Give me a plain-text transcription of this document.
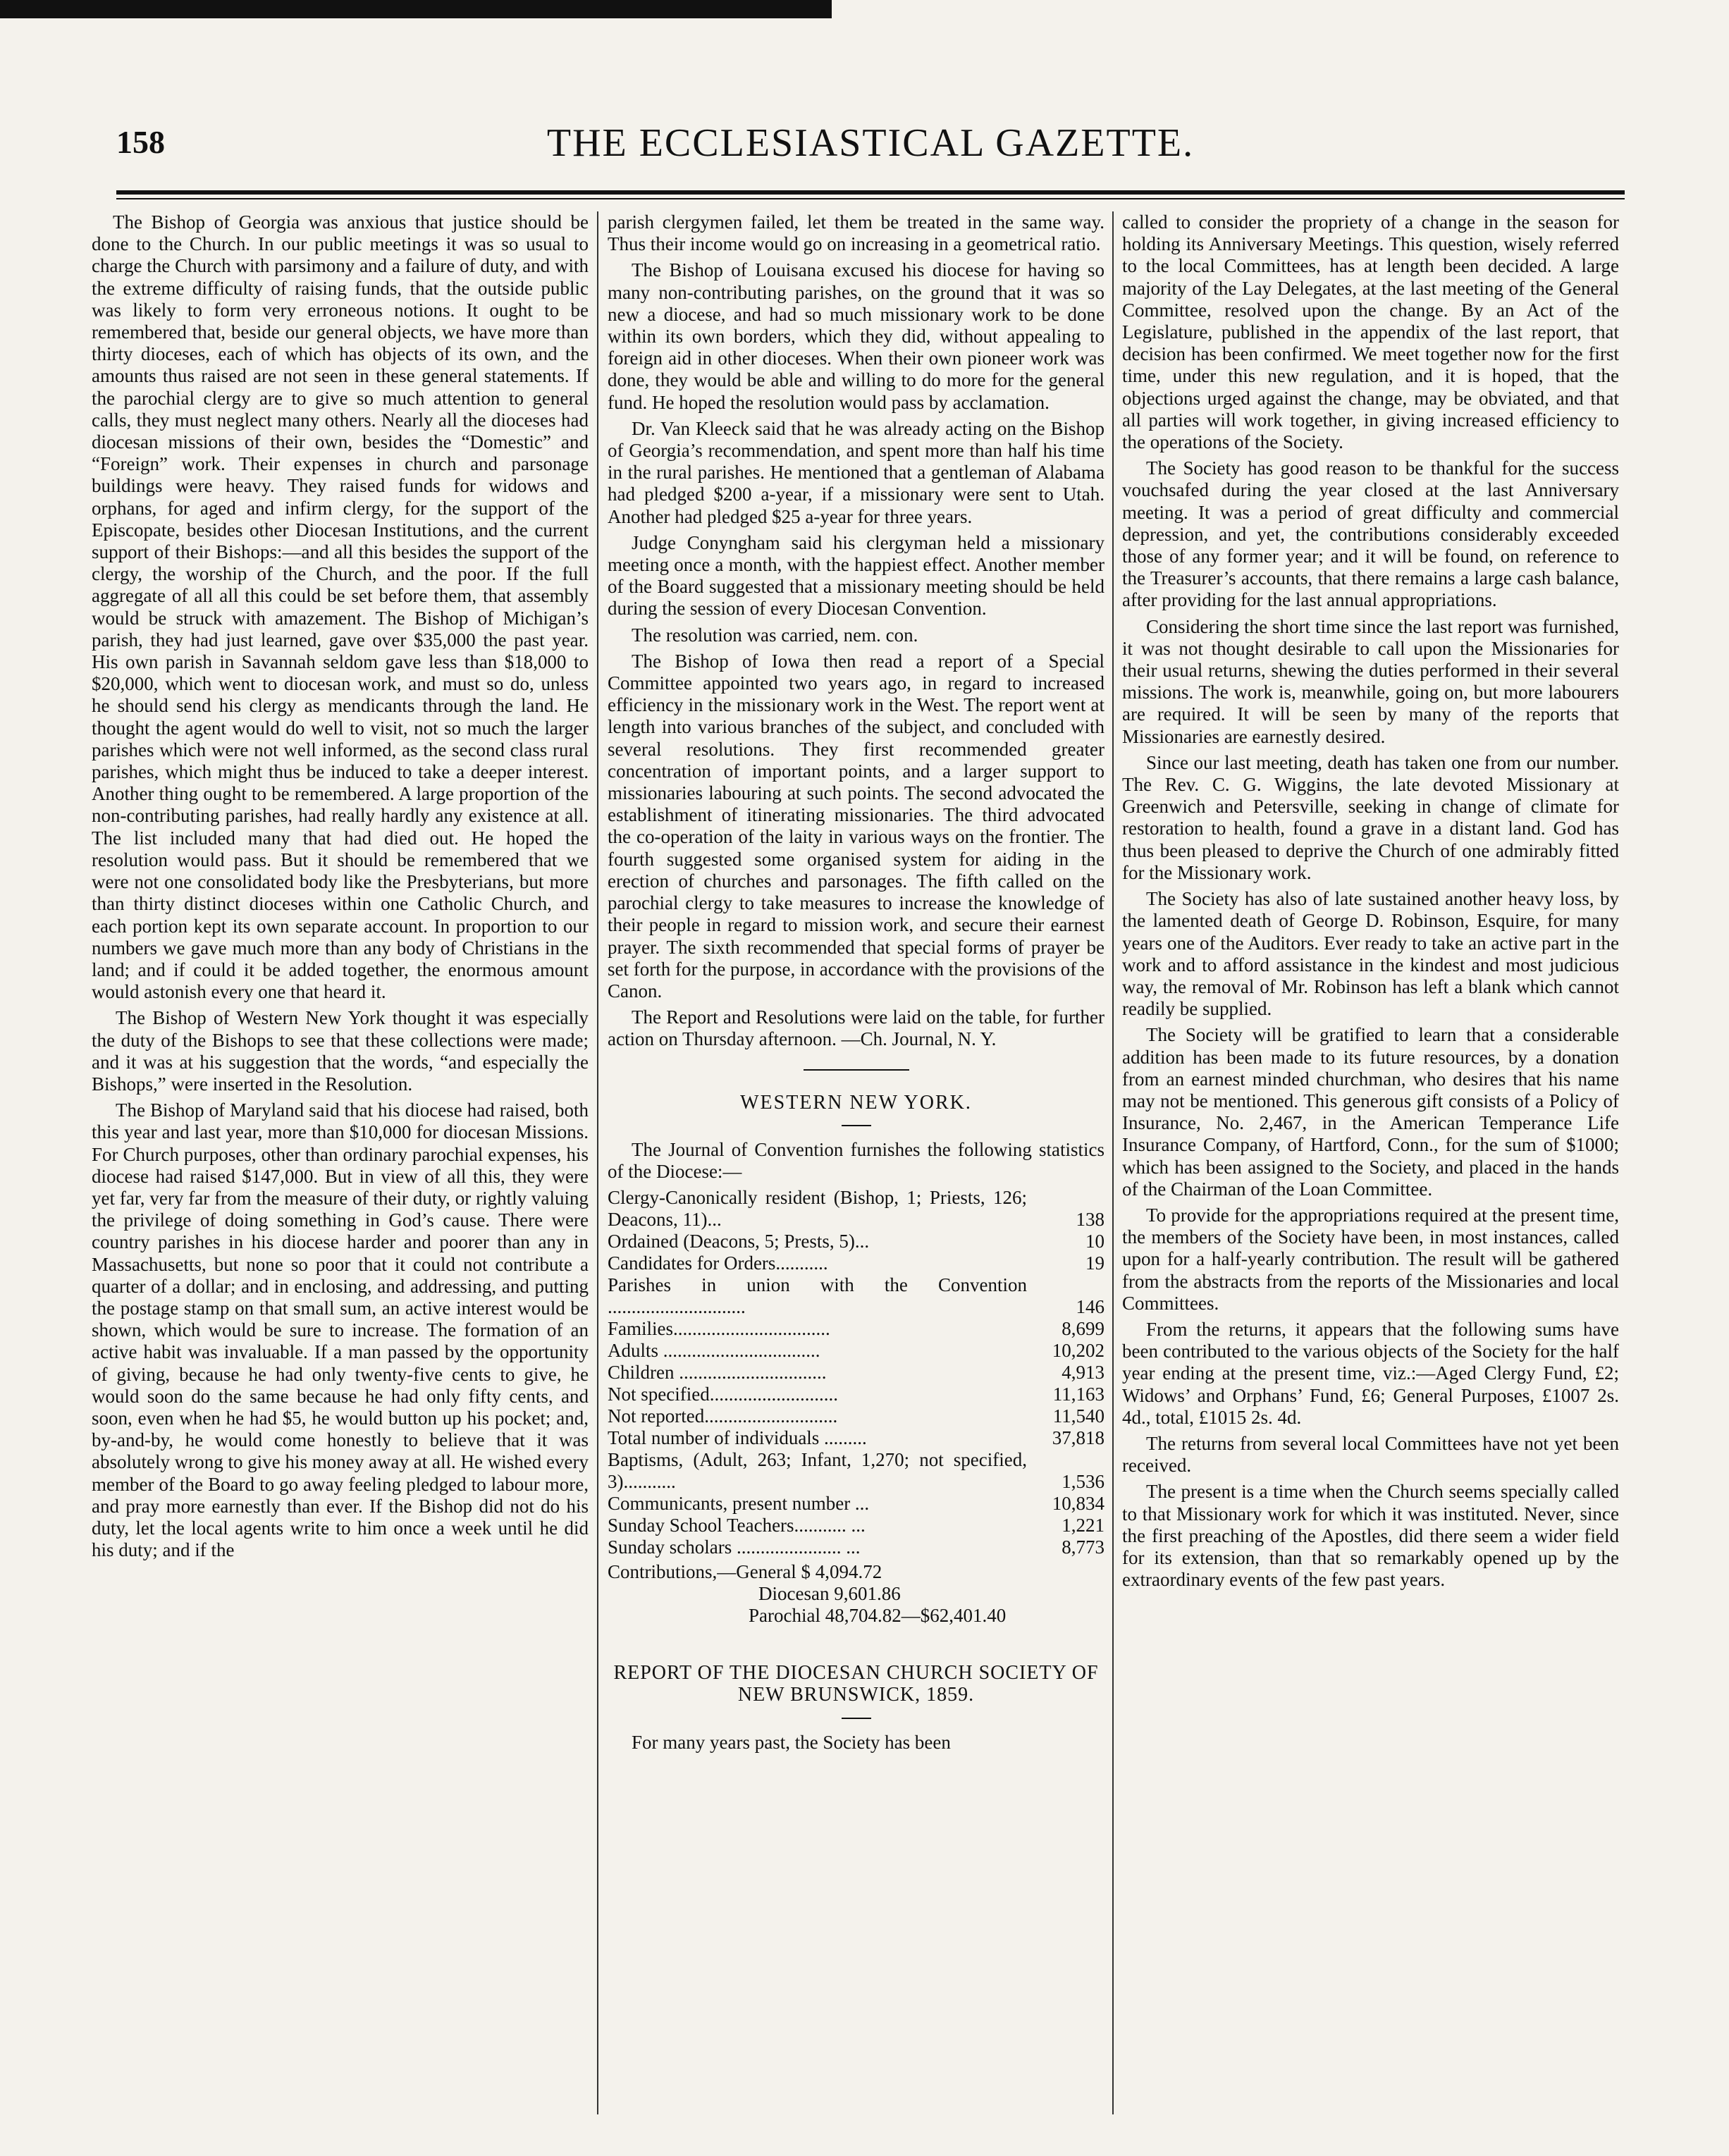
158	THE ECCLESIASTICAL GAZETTE.

The Bishop of Georgia was anxious that justice should be done to the Church. In our public meetings it was so usual to charge the Church with parsimony and a failure of duty, and with the extreme difficulty of raising funds, that the outside public was likely to form very erroneous notions. It ought to be remembered that, beside our general objects, we have more than thirty dioceses, each of which has objects of its own, and the amounts thus raised are not seen in these general statements. If the parochial clergy are to give so much attention to general calls, they must neglect many others. Nearly all the dioceses had diocesan missions of their own, besides the “Domestic” and “Foreign” work. Their expenses in church and parsonage buildings were heavy. They raised funds for widows and orphans, for aged and infirm clergy, for the support of the Episcopate, besides other Diocesan Institutions, and the current support of their Bishops:—and all this besides the support of the clergy, the worship of the Church, and the poor. If the full aggregate of all all this could be set before them, that assembly would be struck with amazement. The Bishop of Michigan’s parish, they had just learned, gave over $35,000 the past year. His own parish in Savannah seldom gave less than $18,000 to $20,000, which went to diocesan work, and must so do, unless he should send his clergy as mendicants through the land. He thought the agent would do well to visit, not so much the larger parishes which were not well informed, as the second class rural parishes, which might thus be induced to take a deeper interest. Another thing ought to be remembered. A large proportion of the non-contributing parishes, had really hardly any existence at all. The list included many that had died out. He hoped the resolution would pass. But it should be remembered that we were not one consolidated body like the Presbyterians, but more than thirty distinct dioceses within one Catholic Church, and each portion kept its own separate account. In proportion to our numbers we gave much more than any body of Christians in the land; and if could it be added together, the enormous amount would astonish every one that heard it.

The Bishop of Western New York thought it was especially the duty of the Bishops to see that these collections were made; and it was at his suggestion that the words, “and especially the Bishops,” were inserted in the Resolution.

The Bishop of Maryland said that his diocese had raised, both this year and last year, more than $10,000 for diocesan Missions. For Church purposes, other than ordinary parochial expenses, his diocese had raised $147,000. But in view of all this, they were yet far, very far from the measure of their duty, or rightly valuing the privilege of doing something in God’s cause. There were country parishes in his diocese harder and poorer than any in Massachusetts, but none so poor that it could not contribute a quarter of a dollar; and in enclosing, and addressing, and putting the postage stamp on that small sum, an active interest would be shown, which would be sure to increase. The formation of an active habit was invaluable. If a man passed by the opportunity of giving, because he had only twenty-five cents to give, he would soon do the same because he had only fifty cents, and soon, even when he had $5, he would button up his pocket; and, by-and-by, he would come honestly to believe that it was absolutely wrong to give his money away at all. He wished every member of the Board to go away feeling pledged to labour more, and pray more earnestly than ever. If the Bishop did not do his duty, let the local agents write to him once a week until he did his duty; and if the

parish clergymen failed, let them be treated in the same way. Thus their income would go on increasing in a geometrical ratio.

The Bishop of Louisana excused his diocese for having so many non-contributing parishes, on the ground that it was so new a diocese, and had so much missionary work to be done within its own borders, which they did, without appealing to foreign aid in other dioceses. When their own pioneer work was done, they would be able and willing to do more for the general fund. He hoped the resolution would pass by acclamation.

Dr. Van Kleeck said that he was already acting on the Bishop of Georgia’s recommendation, and spent more than half his time in the rural parishes. He mentioned that a gentleman of Alabama had pledged $200 a-year, if a missionary were sent to Utah. Another had pledged $25 a-year for three years.

Judge Conyngham said his clergyman held a missionary meeting once a month, with the happiest effect. Another member of the Board suggested that a missionary meeting should be held during the session of every Diocesan Convention.

The resolution was carried, nem. con.

The Bishop of Iowa then read a report of a Special Committee appointed two years ago, in regard to increased efficiency in the missionary work in the West. The report went at length into various branches of the subject, and concluded with several resolutions. They first recommended greater concentration of important points, and a larger support to missionaries labouring at such points. The second advocated the establishment of itinerating missionaries. The third advocated the co-operation of the laity in various ways on the frontier. The fourth suggested some organised system for aiding in the erection of churches and parsonages. The fifth called on the parochial clergy to take measures to increase the knowledge of their people in regard to mission work, and secure their earnest prayer. The sixth recommended that special forms of prayer be set forth for the purpose, in accordance with the provisions of the Canon.

The Report and Resolutions were laid on the table, for further action on Thursday afternoon. —Ch. Journal, N. Y.

WESTERN NEW YORK.

The Journal of Convention furnishes the following statistics of the Diocese:—

Clergy-Canonically resident (Bishop, 1; Priests, 126; Deacons, 11)...	138
Ordained (Deacons, 5; Prests, 5)...	10
Candidates for Orders...........	19
Parishes in union with the Convention .............................	146
Families.................................	8,699
Adults .................................	10,202
Children ...............................	4,913
Not specified...........................	11,163
Not reported............................	11,540
Total number of individuals .........	37,818
Baptisms, (Adult, 263; Infant, 1,270; not specified, 3)...........	1,536
Communicants, present number ...	10,834
Sunday School Teachers........... ...	1,221
Sunday scholars ...................... ...	8,773
Contributions,—General $ 4,094.72
Diocesan 9,601.86
Parochial 48,704.82—$62,401.40
REPORT OF THE DIOCESAN CHURCH SOCIETY OF NEW BRUNSWICK, 1859.

For many years past, the Society has been

called to consider the propriety of a change in the season for holding its Anniversary Meetings. This question, wisely referred to the local Committees, has at length been decided. A large majority of the Lay Delegates, at the last meeting of the General Committee, resolved upon the change. By an Act of the Legislature, published in the appendix of the last report, that decision has been confirmed. We meet together now for the first time, under this new regulation, and it is hoped, that the objections urged against the change, may be obviated, and that all parties will work together, in giving increased efficiency to the operations of the Society.

The Society has good reason to be thankful for the success vouchsafed during the year closed at the last Anniversary meeting. It was a period of great difficulty and commercial depression, and yet, the contributions considerably exceeded those of any former year; and it will be found, on reference to the Treasurer’s accounts, that there remains a large cash balance, after providing for the last annual appropriations.

Considering the short time since the last report was furnished, it was not thought desirable to call upon the Missionaries for their usual returns, shewing the duties performed in their several missions. The work is, meanwhile, going on, but more labourers are required. It will be seen by many of the reports that Missionaries are earnestly desired.

Since our last meeting, death has taken one from our number. The Rev. C. G. Wiggins, the late devoted Missionary at Greenwich and Petersville, seeking in change of climate for restoration to health, found a grave in a distant land. God has thus been pleased to deprive the Church of one admirably fitted for the Missionary work.

The Society has also of late sustained another heavy loss, by the lamented death of George D. Robinson, Esquire, for many years one of the Auditors. Ever ready to take an active part in the work and to afford assistance in the kindest and most judicious way, the removal of Mr. Robinson has left a blank which cannot readily be supplied.

The Society will be gratified to learn that a considerable addition has been made to its future resources, by a donation from an earnest minded churchman, who desires that his name may not be mentioned. This generous gift consists of a Policy of Insurance, No. 2,467, in the American Temperance Life Insurance Company, of Hartford, Conn., for the sum of $1000; which has been assigned to the Society, and placed in the hands of the Chairman of the Loan Committee.

To provide for the appropriations required at the present time, the members of the Society have been, in most instances, called upon for a half-yearly contribution. The result will be gathered from the abstracts from the reports of the Missionaries and local Committees.

From the returns, it appears that the following sums have been contributed to the various objects of the Society for the half year ending at the present time, viz.:—Aged Clergy Fund, £2; Widows’ and Orphans’ Fund, £6; General Purposes, £1007 2s. 4d., total, £1015 2s. 4d.

The returns from several local Committees have not yet been received.

The present is a time when the Church seems specially called to that Missionary work for which it was instituted. Never, since the first preaching of the Apostles, did there seem a wider field for its extension, than that so remarkably opened up by the extraordinary events of the few past years.
